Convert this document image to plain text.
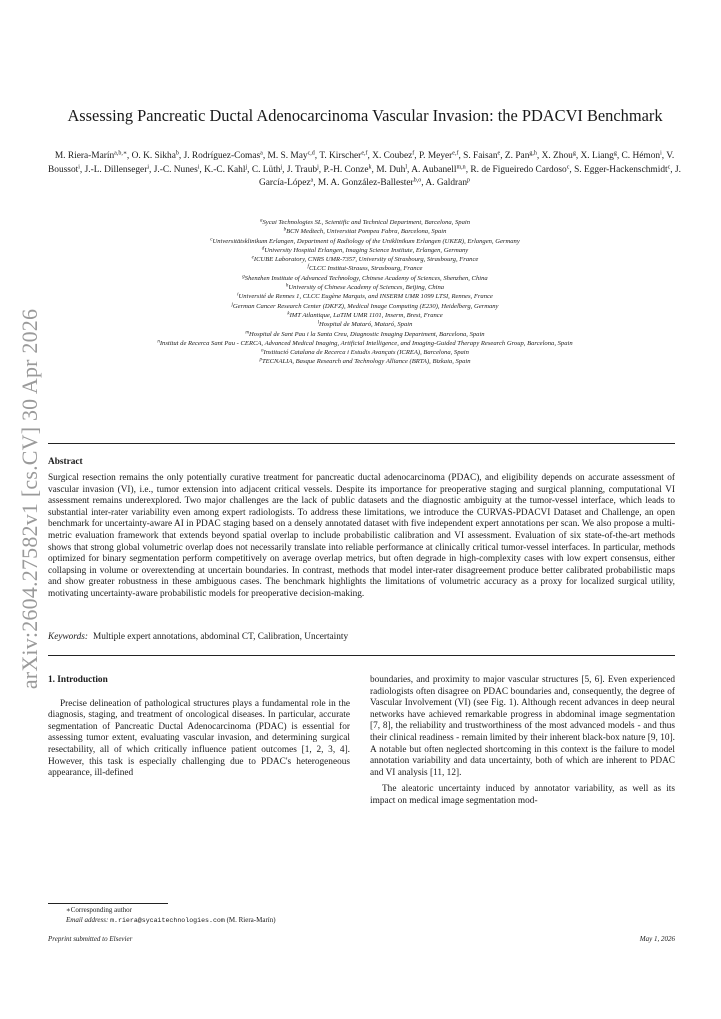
arXiv:2604.27582v1 [cs.CV] 30 Apr 2026
Assessing Pancreatic Ductal Adenocarcinoma Vascular Invasion: the PDACVI Benchmark
M. Riera-Marín$^{a,b,∗}$, O. K. Sikha$^b$, J. Rodríguez-Comas$^a$, M. S. May$^{c,d}$, T. Kirscher$^{e,f}$, X. Coubez$^f$, P. Meyer$^{e,f}$, S. Faisan$^e$, Z. Pan$^{g,h}$, X. Zhou$^g$, X. Liang$^g$, C. Hémon$^i$, V. Boussot$^i$, J.-L. Dillenseger$^i$, J.-C. Nunes$^i$, K.-C. Kahl$^j$, C. Lüth$^j$, J. Traub$^j$, P.-H. Conze$^k$, M. Duh$^l$, A. Aubanell$^{m,n}$, R. de Figueiredo Cardoso$^c$, S. Egger-Hackenschmidt$^c$, J. García-López$^a$, M. A. González-Ballester$^{b,o}$, A. Galdran$^p$
$^a$Sycai Technologies SL, Scientific and Technical Department, Barcelona, Spain
$^b$BCN Medtech, Universitat Pompeu Fabra, Barcelona, Spain
$^c$Universitätsklinikum Erlangen, Department of Radiology of the Uniklinikum Erlangen (UKER), Erlangen, Germany
$^d$University Hospital Erlangen, Imaging Science Institute, Erlangen, Germany
$^e$ICUBE Laboratory, CNRS UMR-7357, University of Strasbourg, Strasbourg, France
$^f$CLCC Institut-Strauss, Strasbourg, France
$^g$Shenzhen Institute of Advanced Technology, Chinese Academy of Sciences, Shenzhen, China
$^h$University of Chinese Academy of Sciences, Beijing, China
$^i$Université de Rennes 1, CLCC Eugène Marquis, and INSERM UMR 1099 LTSI, Rennes, France
$^j$German Cancer Research Center (DKFZ), Medical Image Computing (E230), Heidelberg, Germany
$^k$IMT Atlantique, LaTIM UMR 1101, Inserm, Brest, France
$^l$Hospital de Mataró, Mataró, Spain
$^m$Hospital de Sant Pau i la Santa Creu, Diagnostic Imaging Department, Barcelona, Spain
$^n$Institut de Recerca Sant Pau - CERCA, Advanced Medical Imaging, Artificial Intelligence, and Imaging-Guided Therapy Research Group, Barcelona, Spain
$^o$Institució Catalana de Recerca i Estudis Avançats (ICREA), Barcelona, Spain
$^p$TECNALIA, Basque Research and Technology Alliance (BRTA), Bizkaia, Spain
Abstract
Surgical resection remains the only potentially curative treatment for pancreatic ductal adenocarcinoma (PDAC), and eligibility depends on accurate assessment of vascular invasion (VI), i.e., tumor extension into adjacent critical vessels. Despite its importance for preoperative staging and surgical planning, computational VI assessment remains underexplored. Two major challenges are the lack of public datasets and the diagnostic ambiguity at the tumor-vessel interface, which leads to substantial inter-rater variability even among expert radiologists. To address these limitations, we introduce the CURVAS-PDACVI Dataset and Challenge, an open benchmark for uncertainty-aware AI in PDAC staging based on a densely annotated dataset with five independent expert annotations per scan. We also propose a multi-metric evaluation framework that extends beyond spatial overlap to include probabilistic calibration and VI assessment. Evaluation of six state-of-the-art methods shows that strong global volumetric overlap does not necessarily translate into reliable performance at clinically critical tumor-vessel interfaces. In particular, methods optimized for binary segmentation perform competitively on average overlap metrics, but often degrade in high-complexity cases with low expert consensus, either collapsing in volume or overextending at uncertain boundaries. In contrast, methods that model inter-rater disagreement produce better calibrated probabilistic maps and show greater robustness in these ambiguous cases. The benchmark highlights the limitations of volumetric accuracy as a proxy for localized surgical utility, motivating uncertainty-aware probabilistic models for preoperative decision-making.
Keywords: Multiple expert annotations, abdominal CT, Calibration, Uncertainty
1. Introduction

Precise delineation of pathological structures plays a fundamental role in the diagnosis, staging, and treatment of oncological diseases. In particular, accurate segmentation of Pancreatic Ductal Adenocarcinoma (PDAC) is essential for assessing tumor extent, evaluating vascular invasion, and determining surgical resectability, all of which critically influence patient outcomes [1, 2, 3, 4]. However, this task is especially challenging due to PDAC's heterogeneous appearance, ill-defined

boundaries, and proximity to major vascular structures [5, 6]. Even experienced radiologists often disagree on PDAC boundaries and, consequently, the degree of Vascular Involvement (VI) (see Fig. 1). Although recent advances in deep neural networks have achieved remarkable progress in abdominal image segmentation [7, 8], the reliability and trustworthiness of the most advanced models - and thus their clinical readiness - remain limited by their inherent black-box nature [9, 10]. A notable but often neglected shortcoming in this context is the failure to model annotation variability and data uncertainty, both of which are inherent to PDAC and VI analysis [11, 12].

The aleatoric uncertainty induced by annotator variability, as well as its impact on medical image segmentation mod-

∗Corresponding author
Email address: m.riera@sycaitechnologies.com (M. Riera-Marín)
Preprint submitted to Elsevier	May 1, 2026
